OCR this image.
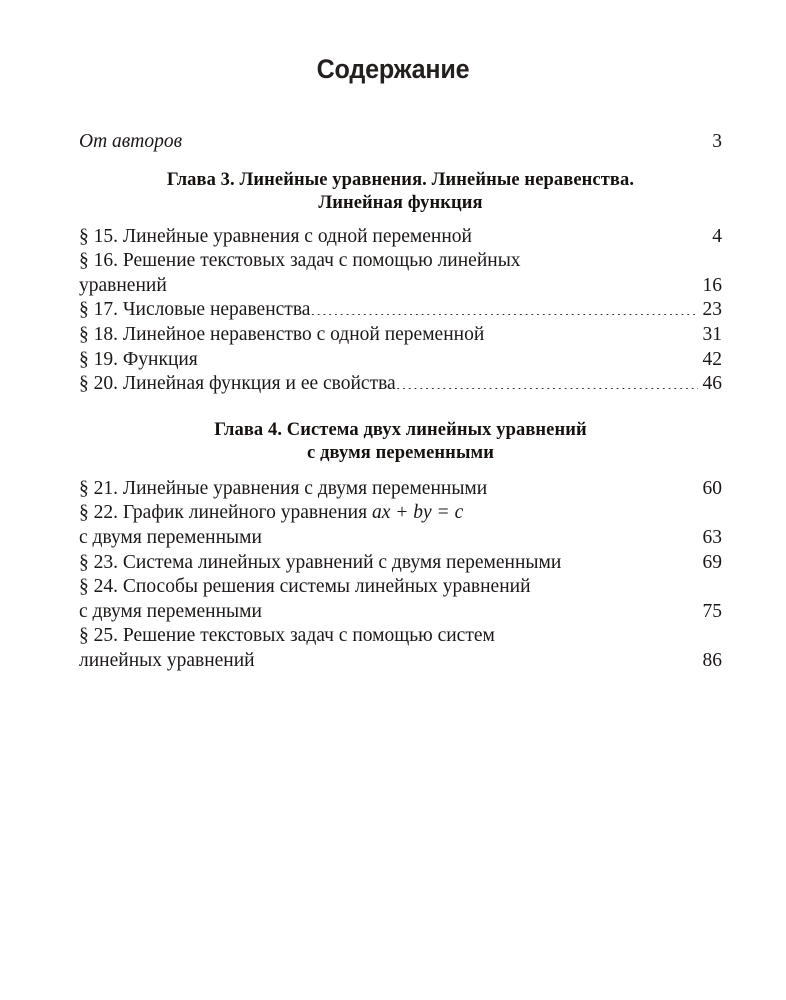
Содержание
От авторов .....	3
Глава 3. Линейные уравнения. Линейные неравенства.
Линейная функция
§ 15. Линейные уравнения с одной переменной .....	4
§ 16. Решение текстовых задач с помощью линейных
уравнений .....	16
§ 17. Числовые неравенства .....	23
§ 18. Линейное неравенство с одной переменной .....	31
§ 19. Функция .....	42
§ 20. Линейная функция и ее свойства .....	46
Глава 4. Система двух линейных уравнений
с двумя переменными
§ 21. Линейные уравнения с двумя переменными .....	60
§ 22. График линейного уравнения ax + by = c
с двумя переменными .....	63
§ 23. Система линейных уравнений с двумя переменными .....	69
§ 24. Способы решения системы линейных уравнений
с двумя переменными .....	75
§ 25. Решение текстовых задач с помощью систем
линейных уравнений .....	86
